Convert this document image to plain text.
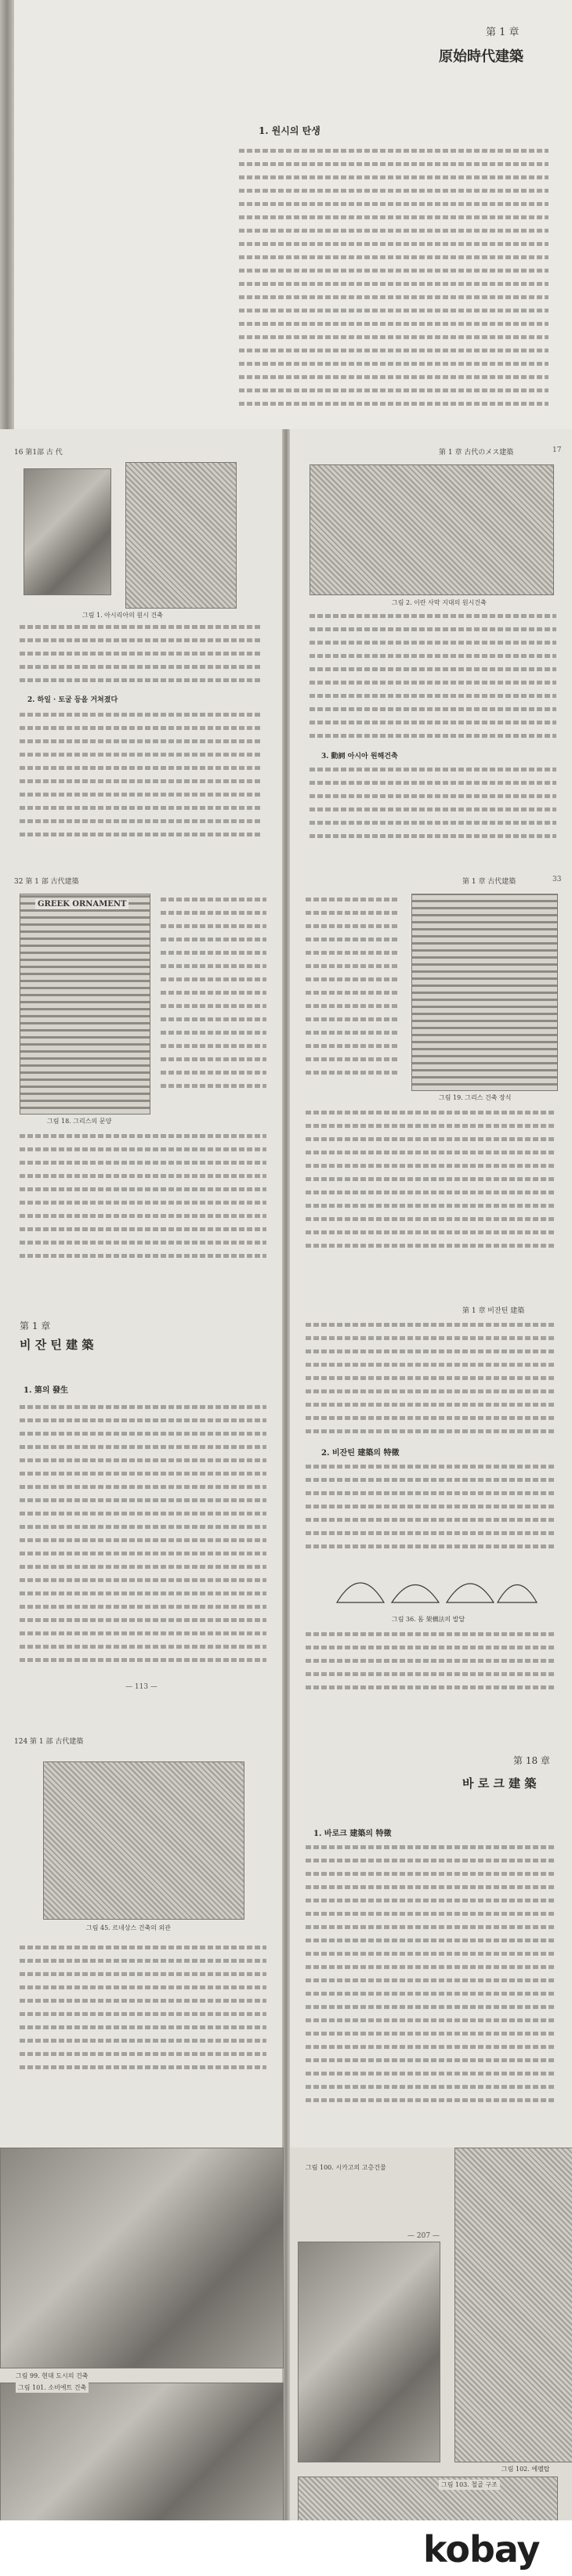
第 1 章
原始時代建築
1. 원시의 탄생
16 第1部 古 代	第 1 章 古代のメス建築	17
그림 1. 아시리아의 원시 건축
2. 하일 · 토굴 등을 거쳐졌다
그림 2. 이란 사막 지대의 원시건축
3. 動詞 아시아 원해건축
32 第 1 部 古代建築	第 1 章 古代建築	33
GREEK ORNAMENT
그림 18. 그리스의 문양
그림 19. 그리스 건축 장식
第 1 章
비 잔 틴 建 築
1. 第의 發生
— 113 —
第 1 章 비잔틴 建築
2. 비잔틴 建築의 特徵
그림 36. 돔 架構法의 발달
124 第 1 部 古代建築
그림 45. 르네상스 건축의 외관
第 18 章
바 로 크 建 築
1. 바로크 建築의 特徵
그림 99. 현대 도시의 건축
그림 101. 소비에트 건축
그림 100. 시카고의 고층건물
그림 102. 에펠탑
그림 103. 철골 구조
— 207 —
kobay
